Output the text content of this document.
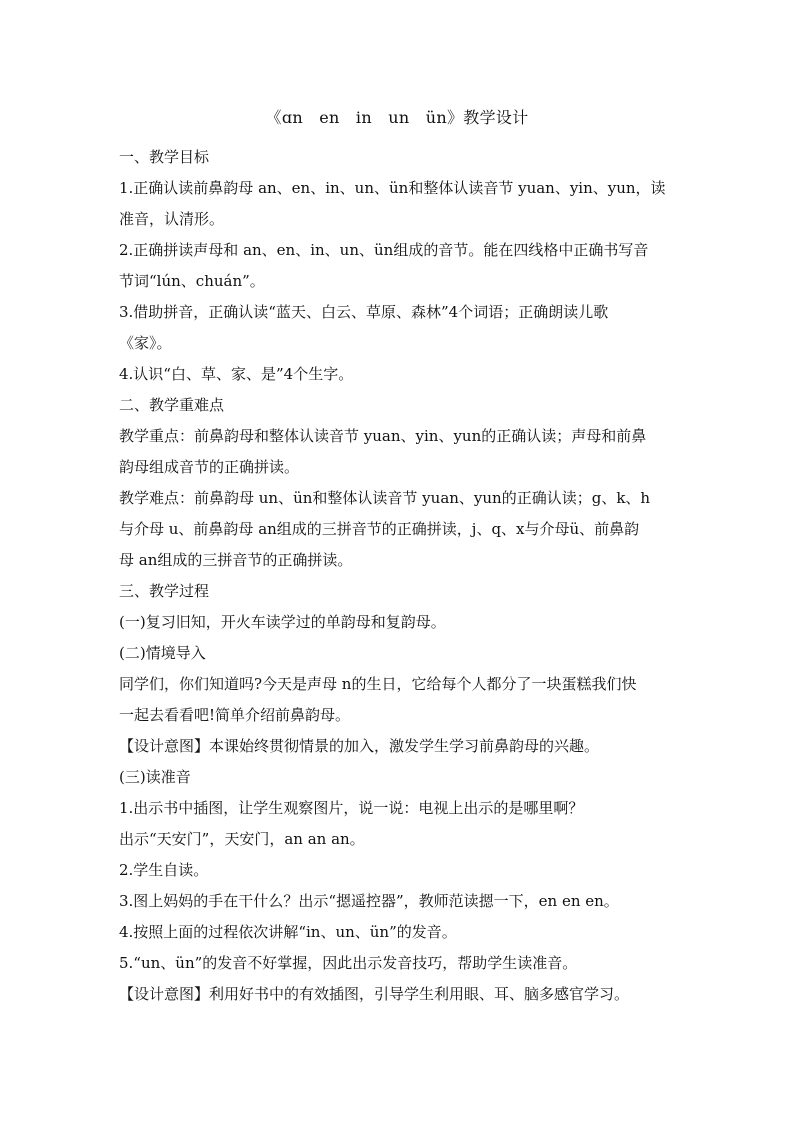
《ɑn　en　in　un　ün》教学设计

一、教学目标

1.正确认读前鼻韵母 an、en、in、un、ün和整体认读音节 yuan、yin、yun，读

准音，认清形。

2.正确拼读声母和 an、en、in、un、ün组成的音节。能在四线格中正确书写音

节词“lún、chuán”。

3.借助拼音，正确认读“蓝天、白云、草原、森林”4个词语；正确朗读儿歌

《家》。

4.认识“白、草、家、是”4个生字。

二、教学重难点

教学重点：前鼻韵母和整体认读音节 yuan、yin、yun的正确认读；声母和前鼻

韵母组成音节的正确拼读。

教学难点：前鼻韵母 un、ün和整体认读音节 yuan、yun的正确认读；g、k、h

与介母 u、前鼻韵母 an组成的三拼音节的正确拼读，j、q、x与介母ü、前鼻韵

母 an组成的三拼音节的正确拼读。

三、教学过程

(一)复习旧知，开火车读学过的单韵母和复韵母。

(二)情境导入

同学们，你们知道吗?今天是声母 n的生日，它给每个人都分了一块蛋糕我们快

一起去看看吧!简单介绍前鼻韵母。

【设计意图】本课始终贯彻情景的加入，激发学生学习前鼻韵母的兴趣。

(三)读准音

1.出示书中插图，让学生观察图片，说一说：电视上出示的是哪里啊？

出示“天安门”，天安门，an an an。

2.学生自读。

3.图上妈妈的手在干什么？出示“摁遥控器”，教师范读摁一下，en en en。

4.按照上面的过程依次讲解“in、un、ün”的发音。

5.“un、ün”的发音不好掌握，因此出示发音技巧，帮助学生读准音。

【设计意图】利用好书中的有效插图，引导学生利用眼、耳、脑多感官学习。
